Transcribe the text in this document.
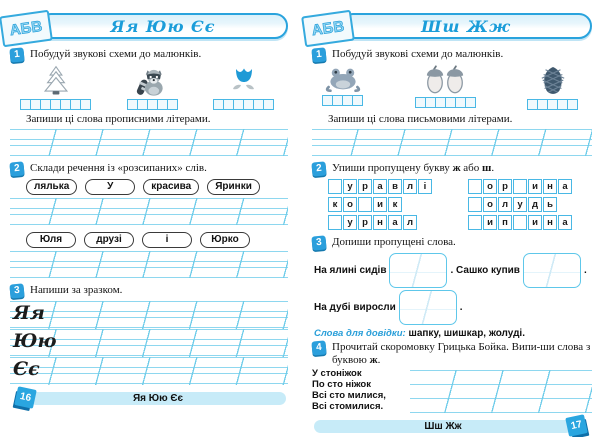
Яя Юю Єє
АБВ
1 Побудуй звукові схеми до малюнків.
Запиши ці слова прописними літерами.
2 Склади речення із «розсипаних» слів.
лялька	У	красива	Яринки
Юля	друзі	і	Юрко
3 Напиши за зразком.
Яя
Юю
Єє
Яя Юю Єє
16
Шш Жж
АБВ
1 Побудуй звукові схеми до малюнків.
Запиши ці слова письмовими літерами.
2 Упиши пропущену букву ж або ш.
у р а в л	і	о р	и н а
к	о	и	к	о л у д ь
у р н а л	и п	и н а
3 Допиши пропущені слова.
На ялині сидів	. Сашко купив	.
На дубі виросли	.
Слова для довідки: шапку, шишкар, жолуді.
4 Прочитай скоромовку Грицька Бойка. Випи-ши слова з буквою ж.
У стоніжок
По сто ніжок
Всі сто милися,
Всі стомилися.
Шш Жж	17
